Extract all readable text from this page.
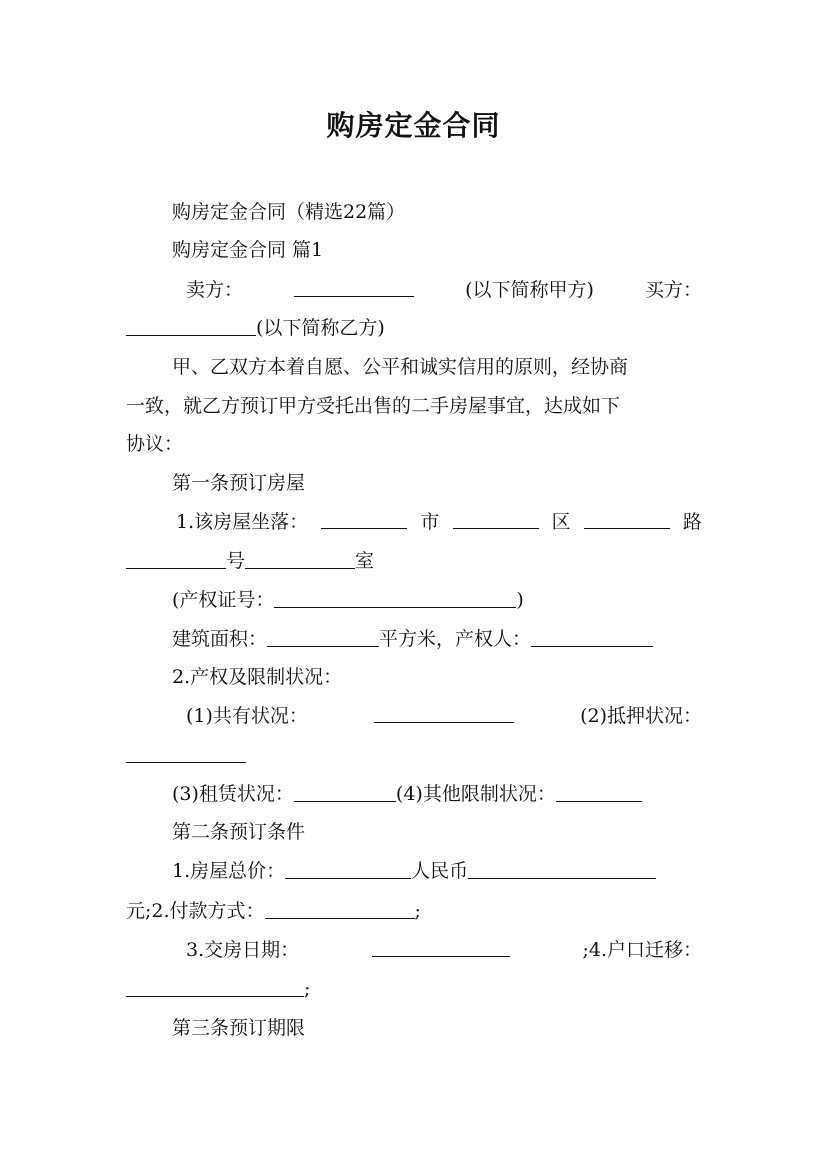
购房定金合同
购房定金合同（精选22篇）
购房定金合同 篇1
卖方：	(以下简称甲方)	买方：
(以下简称乙方)
甲、乙双方本着自愿、公平和诚实信用的原则，经协商
一致，就乙方预订甲方受托出售的二手房屋事宜，达成如下
协议：
第一条预订房屋
1.该房屋坐落：	市	区	路
号	室
(产权证号：	)
建筑面积：	平方米，产权人：
2.产权及限制状况：
(1)共有状况：	(2)抵押状况：
(3)租赁状况：	(4)其他限制状况：
第二条预订条件
1.房屋总价：	人民币
元;2.付款方式：	;
3.交房日期：	;4.户口迁移：
;
第三条预订期限
